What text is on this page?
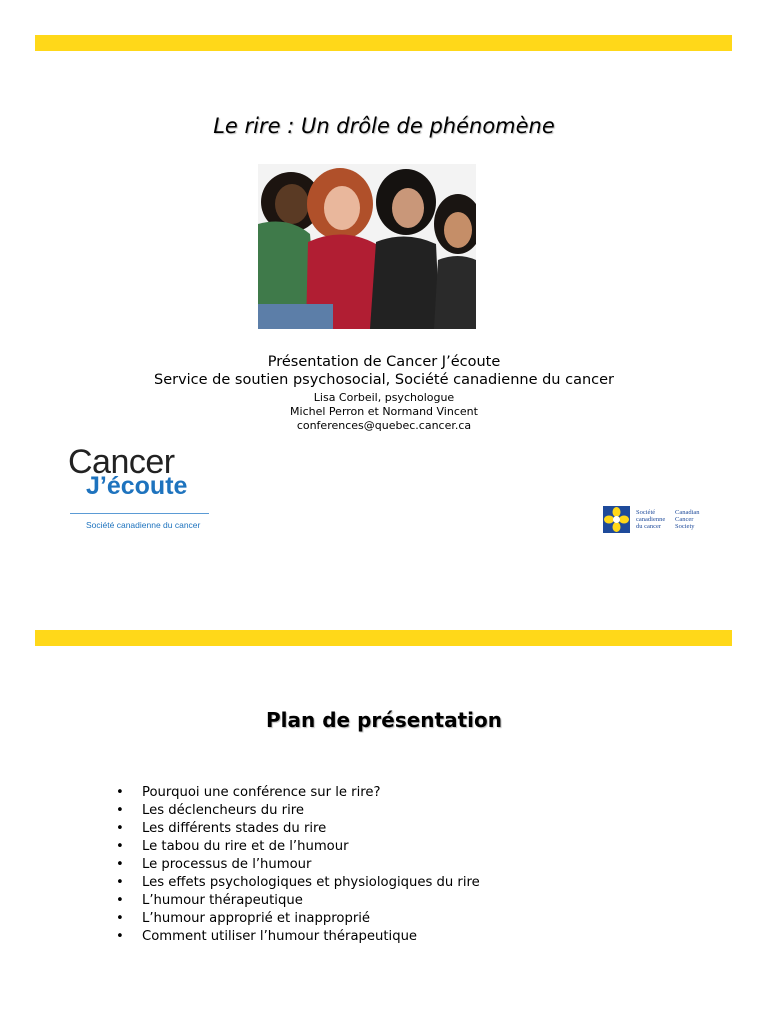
Le rire : Un drôle de phénomène
Présentation de Cancer J’écoute
Service de soutien psychosocial, Société canadienne du cancer
Lisa Corbeil, psychologue
Michel Perron et Normand Vincent
conferences@quebec.cancer.ca
Cancer
J’écoute
Société canadienne du cancer
Société
canadienne
du cancer
Canadian
Cancer
Society
Plan de présentation
• Pourquoi une conférence sur le rire?
• Les déclencheurs du rire
• Les différents stades du rire
• Le tabou du rire et de l’humour
• Le processus de l’humour
• Les effets psychologiques et physiologiques du rire
• L’humour thérapeutique
• L’humour approprié et inapproprié
• Comment utiliser l’humour thérapeutique
